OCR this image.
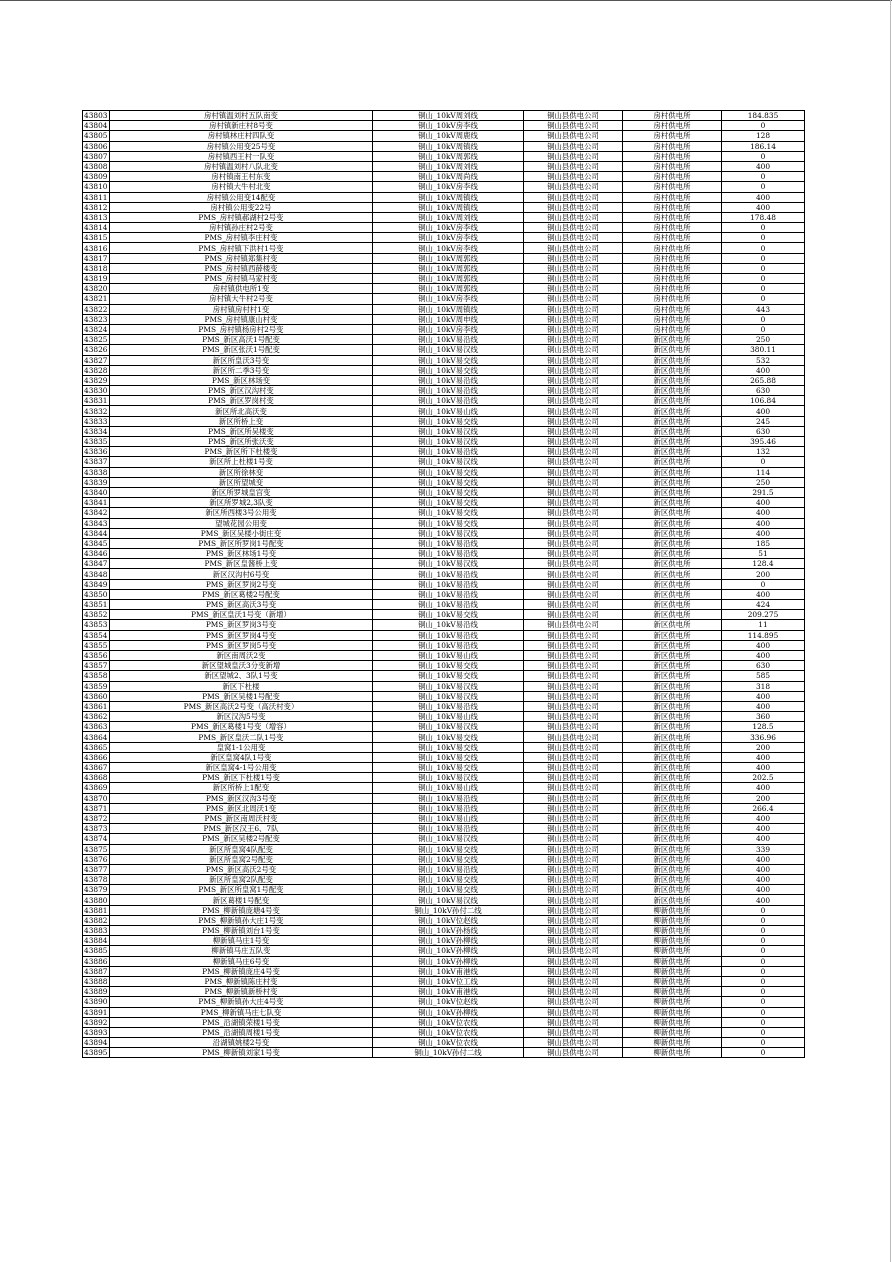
43803	房村镇温刘村五队南变	铜山_10kV周刘线	铜山县供电公司	房村供电所	184.835
43804	房村镇新庄村8号变	铜山_10kV房李线	铜山县供电公司	房村供电所	0
43805	房村镇林庄村四队变	铜山_10kV周鹿线	铜山县供电公司	房村供电所	128
43806	房村镇公用变25号变	铜山_10kV周镇线	铜山县供电公司	房村供电所	186.14
43807	房村镇西王村一队变	铜山_10kV周郭线	铜山县供电公司	房村供电所	0
43808	房村镇温刘村八队北变	铜山_10kV周刘线	铜山县供电公司	房村供电所	400
43809	房村镇南王村东变	铜山_10kV周尚线	铜山县供电公司	房村供电所	0
43810	房村镇大牛村北变	铜山_10kV房李线	铜山县供电公司	房村供电所	0
43811	房村镇公用变14配变	铜山_10kV周镇线	铜山县供电公司	房村供电所	400
43812	房村镇公用变22号	铜山_10kV周镇线	铜山县供电公司	房村供电所	400
43813	PMS_房村镇郝湖村2号变	铜山_10kV周刘线	铜山县供电公司	房村供电所	178.48
43814	房村镇孙庄村2号变	铜山_10kV房李线	铜山县供电公司	房村供电所	0
43815	PMS_房村镇李庄村变	铜山_10kV房李线	铜山县供电公司	房村供电所	0
43816	PMS_房村镇下洪村1号变	铜山_10kV房李线	铜山县供电公司	房村供电所	0
43817	PMS_房村镇郑集村变	铜山_10kV周郭线	铜山县供电公司	房村供电所	0
43818	PMS_房村镇西薛楼变	铜山_10kV周郭线	铜山县供电公司	房村供电所	0
43819	PMS_房村镇马家村变	铜山_10kV周郭线	铜山县供电公司	房村供电所	0
43820	房村镇供电所1变	铜山_10kV周郭线	铜山县供电公司	房村供电所	0
43821	房村镇大牛村2号变	铜山_10kV房李线	铜山县供电公司	房村供电所	0
43822	房村镇房村村1变	铜山_10kV周镇线	铜山县供电公司	房村供电所	443
43823	PMS_房村镇康山村变	铜山_10kV周申线	铜山县供电公司	房村供电所	0
43824	PMS_房村镇杨房村2号变	铜山_10kV房李线	铜山县供电公司	房村供电所	0
43825	PMS_新区高沃1号配变	铜山_10kV易沿线	铜山县供电公司	新区供电所	250
43826	PMS_新区张沃1号配变	铜山_10kV易汉线	铜山县供电公司	新区供电所	380.11
43827	新区所皇沃3号变	铜山_10kV易交线	铜山县供电公司	新区供电所	532
43828	新区所二季3号变	铜山_10kV易交线	铜山县供电公司	新区供电所	400
43829	PMS_新区林场变	铜山_10kV易沿线	铜山县供电公司	新区供电所	265.88
43830	PMS_新区汉沟村变	铜山_10kV易沿线	铜山县供电公司	新区供电所	630
43831	PMS_新区罗岗村变	铜山_10kV易沿线	铜山县供电公司	新区供电所	106.84
43832	新区所北高沃变	铜山_10kV易山线	铜山县供电公司	新区供电所	400
43833	新区所桥上变	铜山_10kV易交线	铜山县供电公司	新区供电所	245
43834	PMS_新区所吴楼变	铜山_10kV易汉线	铜山县供电公司	新区供电所	630
43835	PMS_新区所张沃变	铜山_10kV易汉线	铜山县供电公司	新区供电所	395.46
43836	PMS_新区所下杜楼变	铜山_10kV易沿线	铜山县供电公司	新区供电所	132
43837	新区所上杜楼1号变	铜山_10kV易汉线	铜山县供电公司	新区供电所	0
43838	新区所徐林变	铜山_10kV易交线	铜山县供电公司	新区供电所	114
43839	新区所望城变	铜山_10kV易交线	铜山县供电公司	新区供电所	250
43840	新区所罗城皇宫变	铜山_10kV易交线	铜山县供电公司	新区供电所	291.5
43841	新区所罗城2,3队变	铜山_10kV易交线	铜山县供电公司	新区供电所	400
43842	新区所西楼3号公用变	铜山_10kV易交线	铜山县供电公司	新区供电所	400
43843	望城花园公用变	铜山_10kV易交线	铜山县供电公司	新区供电所	400
43844	PMS_新区吴楼小街庄变	铜山_10kV易汉线	铜山县供电公司	新区供电所	400
43845	PMS_新区所罗岗1号配变	铜山_10kV易沿线	铜山县供电公司	新区供电所	185
43846	PMS_新区林场1号变	铜山_10kV易沿线	铜山县供电公司	新区供电所	51
43847	PMS_新区皇酱桥上变	铜山_10kV易汉线	铜山县供电公司	新区供电所	128.4
43848	新区汉沟村6号变	铜山_10kV易沿线	铜山县供电公司	新区供电所	200
43849	PMS_新区罗岗2号变	铜山_10kV易沿线	铜山县供电公司	新区供电所	0
43850	PMS_新区葛楼2号配变	铜山_10kV易沿线	铜山县供电公司	新区供电所	400
43851	PMS_新区高沃3号变	铜山_10kV易沿线	铜山县供电公司	新区供电所	424
43852	PMS_新区皇沃1号变（新增）	铜山_10kV易交线	铜山县供电公司	新区供电所	209.275
43853	PMS_新区罗岗3号变	铜山_10kV易沿线	铜山县供电公司	新区供电所	11
43854	PMS_新区罗岗4号变	铜山_10kV易沿线	铜山县供电公司	新区供电所	114.895
43855	PMS_新区罗岗5号变	铜山_10kV易沿线	铜山县供电公司	新区供电所	400
43856	新区南周沃2变	铜山_10kV易山线	铜山县供电公司	新区供电所	400
43857	新区望城皇沃3分变新增	铜山_10kV易交线	铜山县供电公司	新区供电所	630
43858	新区望城2、3队1号变	铜山_10kV易交线	铜山县供电公司	新区供电所	585
43859	新区下杜楼	铜山_10kV易汉线	铜山县供电公司	新区供电所	318
43860	PMS_新区吴楼1号配变	铜山_10kV易汉线	铜山县供电公司	新区供电所	400
43861	PMS_新区高沃2号变（高沃村变）	铜山_10kV易沿线	铜山县供电公司	新区供电所	400
43862	新区汉沟5号变	铜山_10kV易山线	铜山县供电公司	新区供电所	360
43863	PMS_新区葛楼1号变（增容）	铜山_10kV易汉线	铜山县供电公司	新区供电所	128.5
43864	PMS_新区皇沃二队1号变	铜山_10kV易交线	铜山县供电公司	新区供电所	336.96
43865	皇窝1-1公用变	铜山_10kV易交线	铜山县供电公司	新区供电所	200
43866	新区皇窝4队1号变	铜山_10kV易交线	铜山县供电公司	新区供电所	400
43867	新区皇窝4-1号公用变	铜山_10kV易交线	铜山县供电公司	新区供电所	400
43868	PMS_新区下杜楼1号变	铜山_10kV易汉线	铜山县供电公司	新区供电所	202.5
43869	新区所桥上1配变	铜山_10kV易山线	铜山县供电公司	新区供电所	400
43870	PMS_新区汉沟3号变	铜山_10kV易沿线	铜山县供电公司	新区供电所	200
43871	PMS_新区北周沃1变	铜山_10kV易沿线	铜山县供电公司	新区供电所	266.4
43872	PMS_新区南周沃村变	铜山_10kV易山线	铜山县供电公司	新区供电所	400
43873	PMS_新区汉王6、7队	铜山_10kV易沿线	铜山县供电公司	新区供电所	400
43874	PMS_新区吴楼2号配变	铜山_10kV易汉线	铜山县供电公司	新区供电所	400
43875	新区所皇窝4队配变	铜山_10kV易交线	铜山县供电公司	新区供电所	339
43876	新区所皇窝2号配变	铜山_10kV易交线	铜山县供电公司	新区供电所	400
43877	PMS_新区高沃2号变	铜山_10kV易沿线	铜山县供电公司	新区供电所	400
43878	新区所皇窝2队配变	铜山_10kV易交线	铜山县供电公司	新区供电所	400
43879	PMS_新区所皇窝1号配变	铜山_10kV易交线	铜山县供电公司	新区供电所	400
43880	新区葛楼1号配变	铜山_10kV易汉线	铜山县供电公司	新区供电所	400
43881	PMS_柳新镇庞塘4号变	铜山_10kV孙付二线	铜山县供电公司	柳新供电所	0
43882	PMS_柳新镇孙大庄1号变	铜山_10kV位赵线	铜山县供电公司	柳新供电所	0
43883	PMS_柳新镇刘台1号变	铜山_10kV孙杨线	铜山县供电公司	柳新供电所	0
43884	柳新镇马庄1号变	铜山_10kV孙柳线	铜山县供电公司	柳新供电所	0
43885	柳新镇马庄五队变	铜山_10kV孙柳线	铜山县供电公司	柳新供电所	0
43886	柳新镇马庄6号变	铜山_10kV孙柳线	铜山县供电公司	柳新供电所	0
43887	PMS_柳新镇庞庄4号变	铜山_10kV甫港线	铜山县供电公司	柳新供电所	0
43888	PMS_柳新镇陈庄村变	铜山_10kV位工线	铜山县供电公司	柳新供电所	0
43889	PMS_柳新镇新桥村变	铜山_10kV甫港线	铜山县供电公司	柳新供电所	0
43890	PMS_柳新镇孙大庄4号变	铜山_10kV位赵线	铜山县供电公司	柳新供电所	0
43891	PMS_柳新镇马庄七队变	铜山_10kV孙柳线	铜山县供电公司	柳新供电所	0
43892	PMS_沿湖镇荣楼1号变	铜山_10kV位农线	铜山县供电公司	柳新供电所	0
43893	PMS_沿湖镇周楼1号变	铜山_10kV位农线	铜山县供电公司	柳新供电所	0
43894	沿湖镇姚楼2号变	铜山_10kV位农线	铜山县供电公司	柳新供电所	0
43895	PMS_柳新镇刘家1号变	铜山_10kV孙付二线	铜山县供电公司	柳新供电所	0
